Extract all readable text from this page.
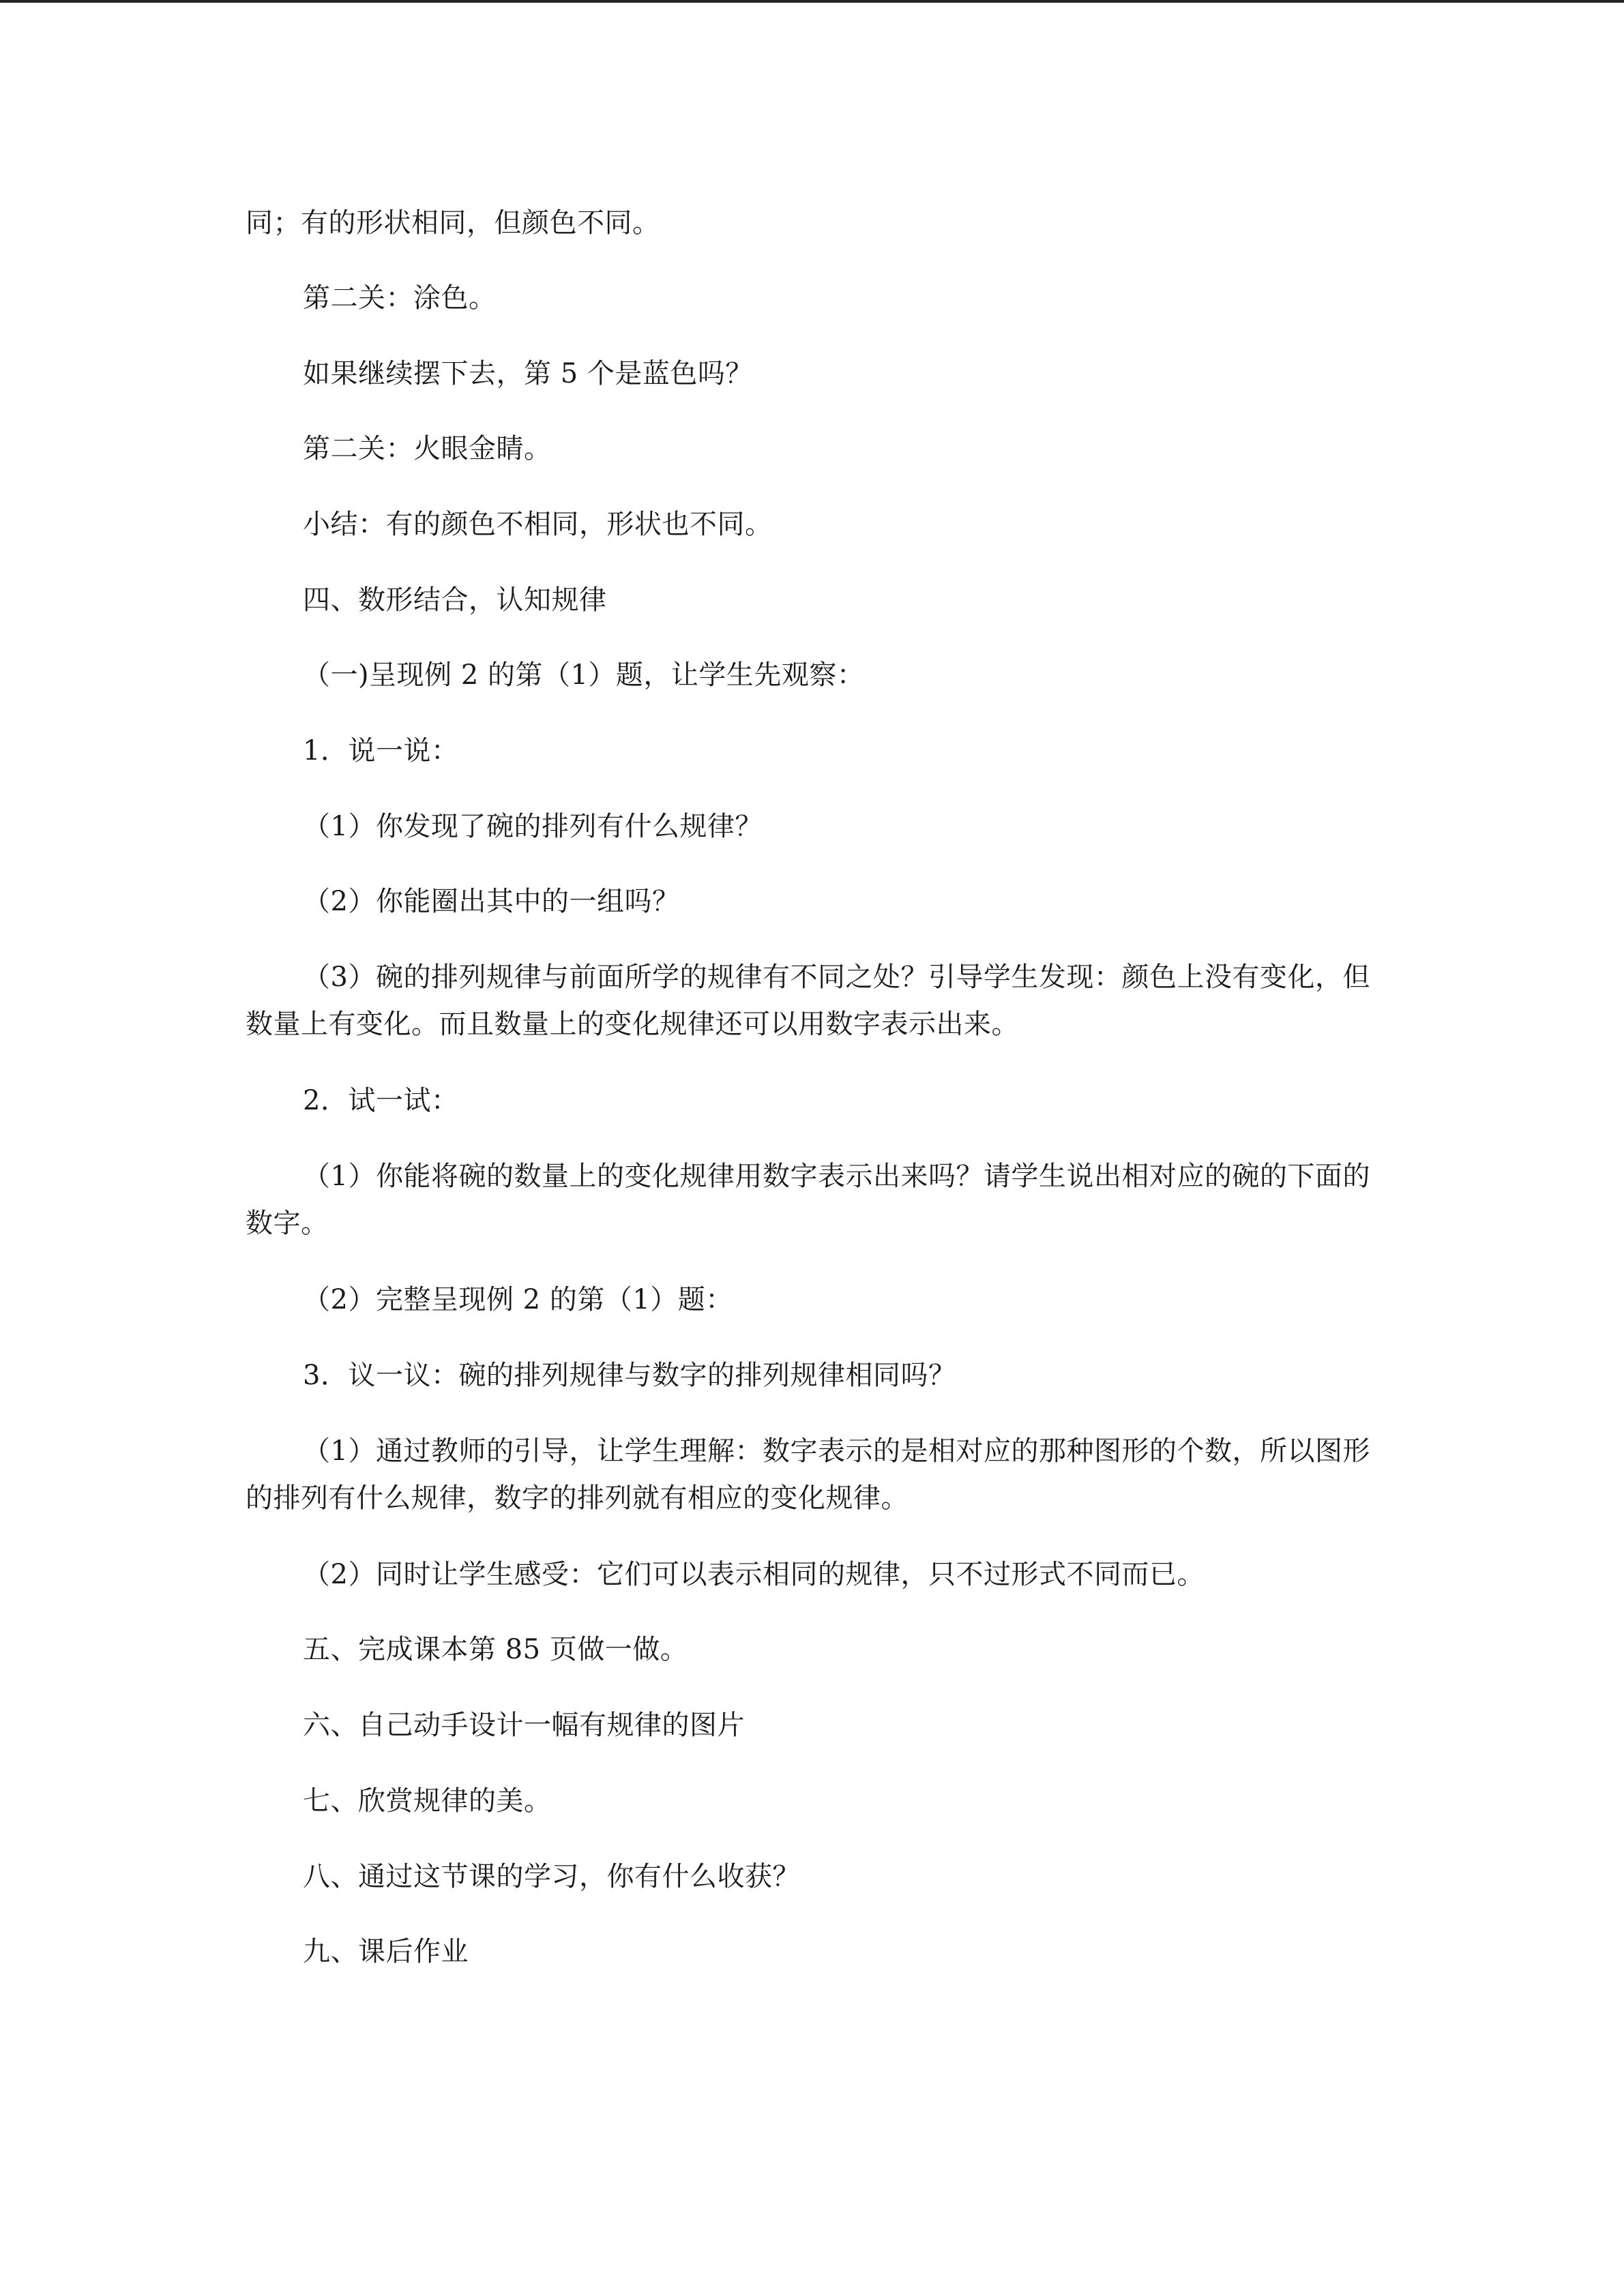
同；有的形状相同，但颜色不同。

第二关：涂色。

如果继续摆下去，第 5 个是蓝色吗？

第二关：火眼金睛。

小结：有的颜色不相同，形状也不同。

四、数形结合，认知规律

（一)呈现例 2 的第（1）题，让学生先观察：

1．说一说：

（1）你发现了碗的排列有什么规律？

（2）你能圈出其中的一组吗？

（3）碗的排列规律与前面所学的规律有不同之处？引导学生发现：颜色上没有变化，但数量上有变化。而且数量上的变化规律还可以用数字表示出来。

2．试一试：

（1）你能将碗的数量上的变化规律用数字表示出来吗？请学生说出相对应的碗的下面的数字。

（2）完整呈现例 2 的第（1）题：

3．议一议：碗的排列规律与数字的排列规律相同吗？

（1）通过教师的引导，让学生理解：数字表示的是相对应的那种图形的个数，所以图形的排列有什么规律，数字的排列就有相应的变化规律。

（2）同时让学生感受：它们可以表示相同的规律，只不过形式不同而已。

五、完成课本第 85 页做一做。

六、自己动手设计一幅有规律的图片

七、欣赏规律的美。

八、通过这节课的学习，你有什么收获？

九、课后作业
